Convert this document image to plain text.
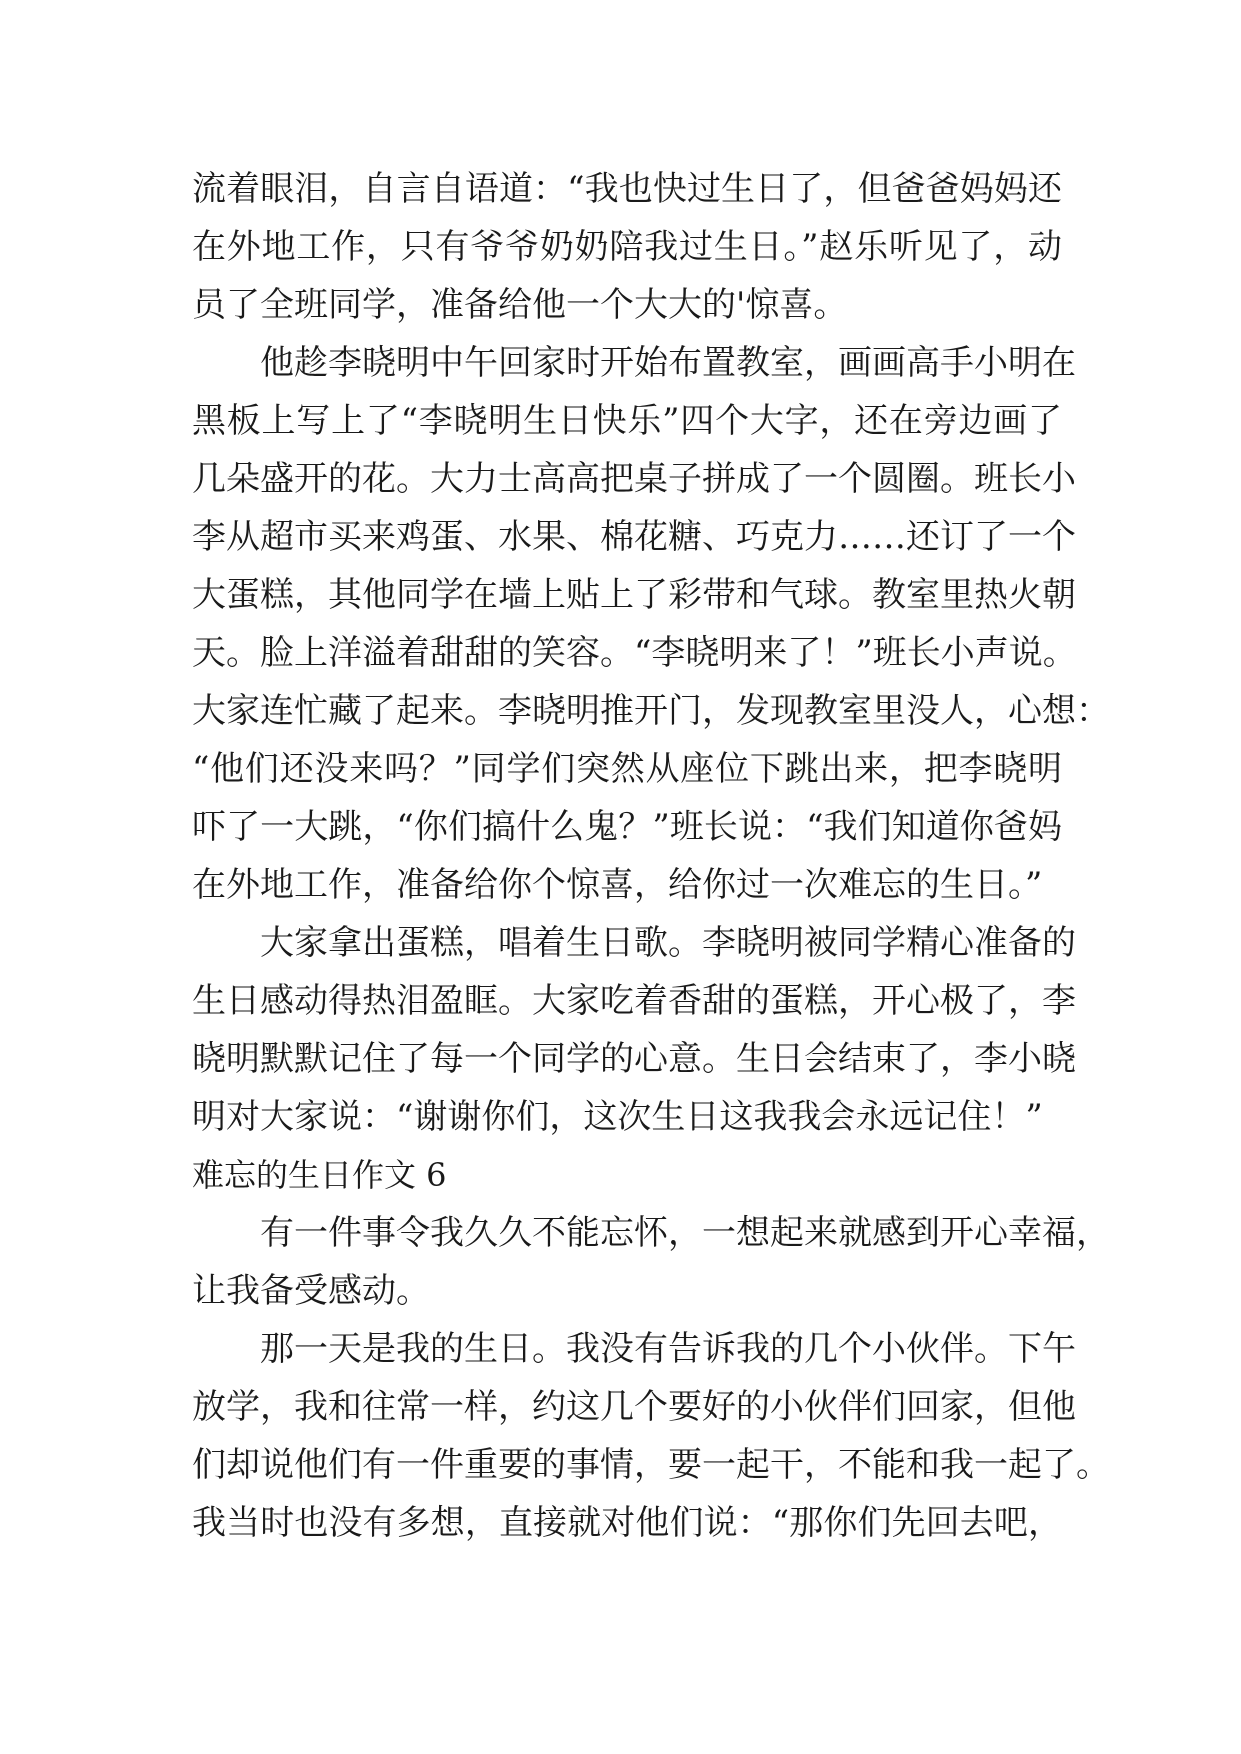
流着眼泪，自言自语道：“我也快过生日了，但爸爸妈妈还
在外地工作，只有爷爷奶奶陪我过生日。”赵乐听见了，动
员了全班同学，准备给他一个大大的'惊喜。
他趁李晓明中午回家时开始布置教室，画画高手小明在
黑板上写上了“李晓明生日快乐”四个大字，还在旁边画了
几朵盛开的花。大力士高高把桌子拼成了一个圆圈。班长小
李从超市买来鸡蛋、水果、棉花糖、巧克力……还订了一个
大蛋糕，其他同学在墙上贴上了彩带和气球。教室里热火朝
天。脸上洋溢着甜甜的笑容。“李晓明来了！”班长小声说。
大家连忙藏了起来。李晓明推开门，发现教室里没人，心想：
“他们还没来吗？”同学们突然从座位下跳出来，把李晓明
吓了一大跳，“你们搞什么鬼？”班长说：“我们知道你爸妈
在外地工作，准备给你个惊喜，给你过一次难忘的生日。”
大家拿出蛋糕，唱着生日歌。李晓明被同学精心准备的
生日感动得热泪盈眶。大家吃着香甜的蛋糕，开心极了，李
晓明默默记住了每一个同学的心意。生日会结束了，李小晓
明对大家说：“谢谢你们，这次生日这我我会永远记住！”
难忘的生日作文 6
有一件事令我久久不能忘怀，一想起来就感到开心幸福，
让我备受感动。
那一天是我的生日。我没有告诉我的几个小伙伴。下午
放学，我和往常一样，约这几个要好的小伙伴们回家，但他
们却说他们有一件重要的事情，要一起干，不能和我一起了。
我当时也没有多想，直接就对他们说：“那你们先回去吧，
